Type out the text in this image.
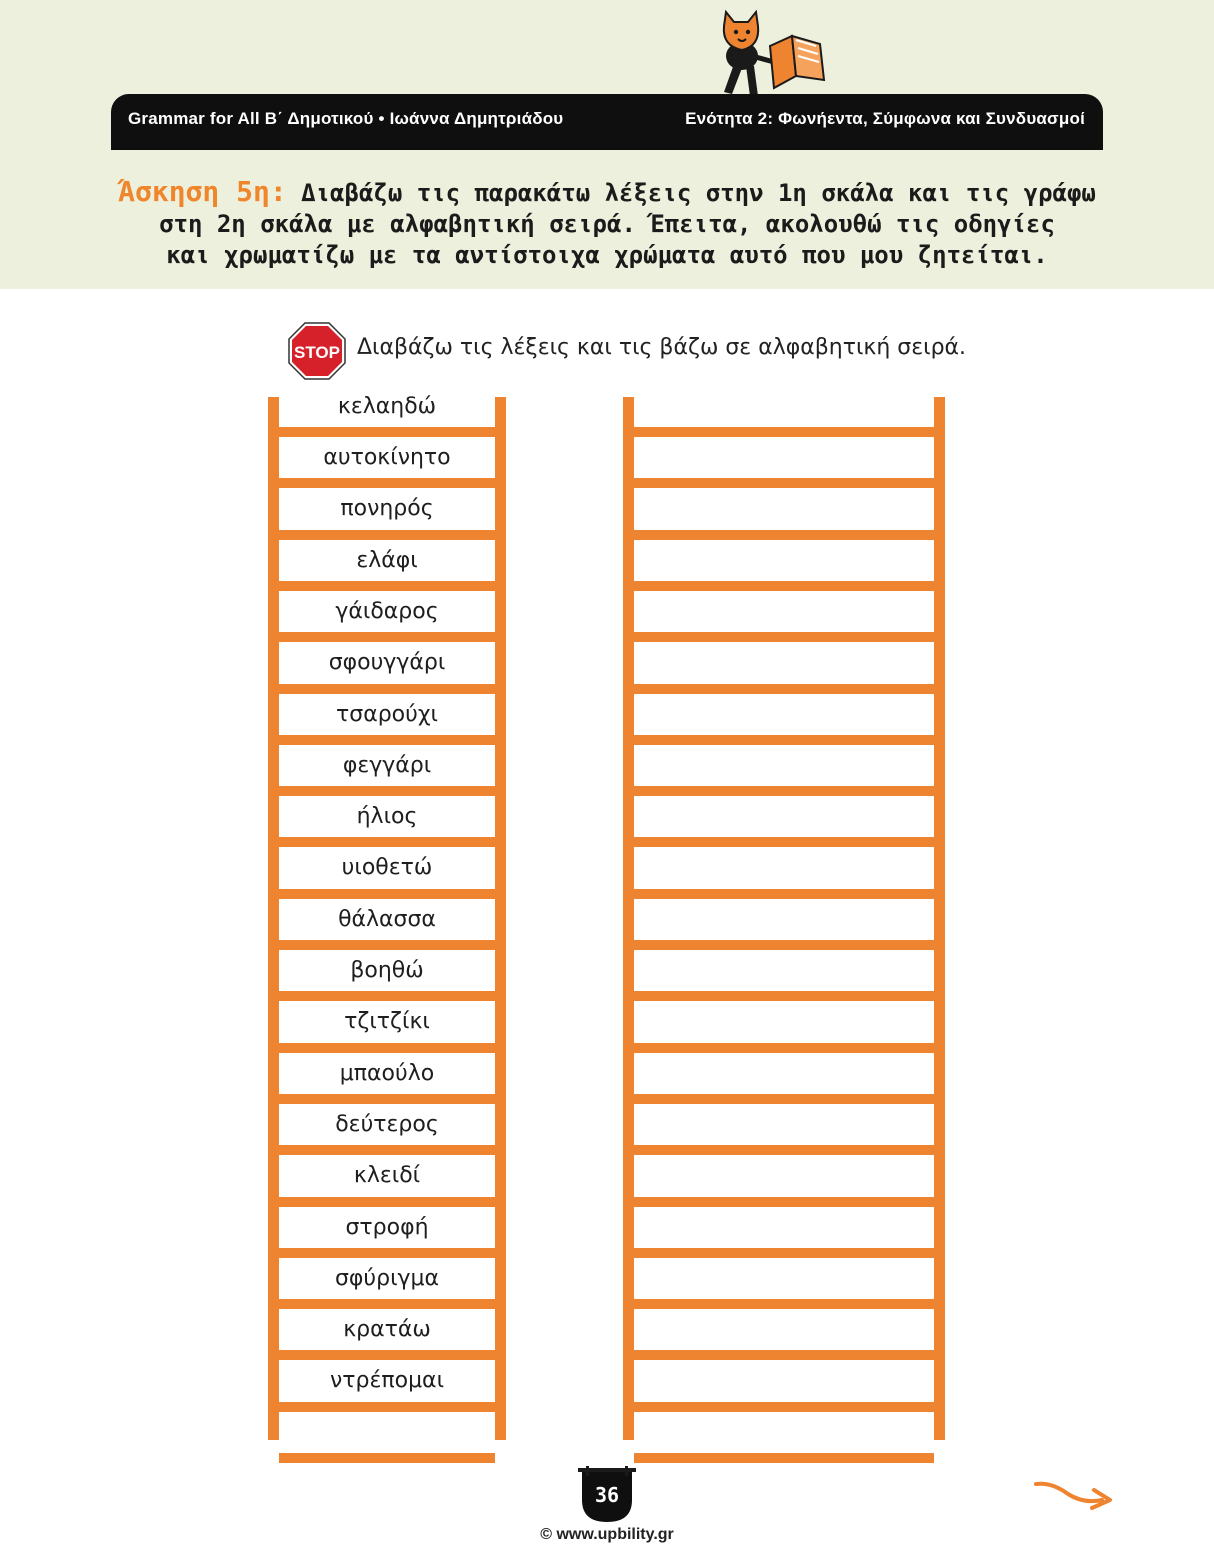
Grammar for All Β΄ Δημοτικού • Ιωάννα Δημητριάδου	Ενότητα 2: Φωνήεντα, Σύμφωνα και Συνδυασμοί
Άσκηση 5η: Διαβάζω τις παρακάτω λέξεις στην 1η σκάλα και τις γράφω
στη 2η σκάλα με αλφαβητική σειρά. Έπειτα, ακολουθώ τις οδηγίες
και χρωματίζω με τα αντίστοιχα χρώματα αυτό που μου ζητείται.
STOP Διαβάζω τις λέξεις και τις βάζω σε αλφαβητική σειρά.
κελαηδώ
αυτοκίνητο
πονηρός
ελάφι
γάιδαρος
σφουγγάρι
τσαρούχι
φεγγάρι
ήλιος
υιοθετώ
θάλασσα
βοηθώ
τζιτζίκι
μπαούλο
δεύτερος
κλειδί
στροφή
σφύριγμα
κρατάω
ντρέπομαι
36
© www.upbility.gr
